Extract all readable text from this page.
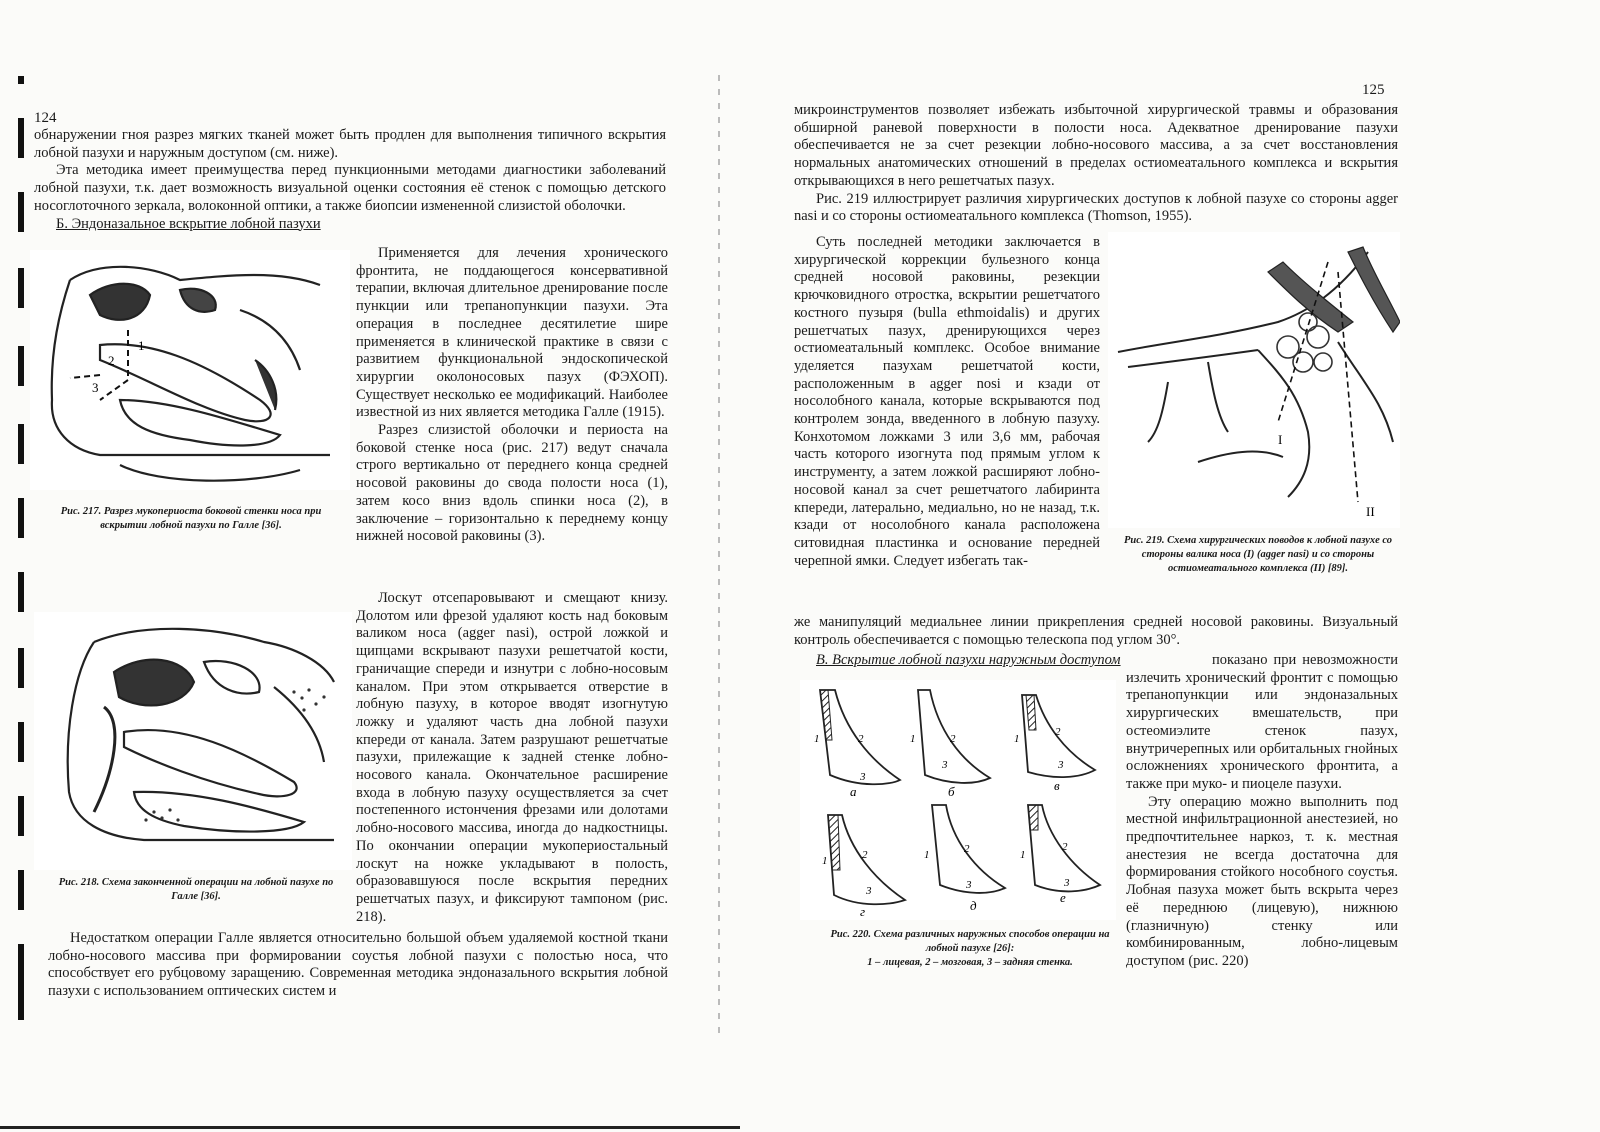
124

обнаружении гноя разрез мягких тканей может быть продлен для выполнения типичного вскрытия лобной пазухи и наружным доступом (см. ниже).

Эта методика имеет преимущества перед пункционными методами диагностики заболеваний лобной пазухи, т.к. дает возможность визуальной оценки состояния её стенок с помощью детского носоглоточного зеркала, волоконной оптики, а также биопсии измененной слизистой оболочки.

Б. Эндоназальное вскрытие лобной пазухи

1
2
3
Рис. 217. Разрез мукопериоста боковой стенки носа при вскрытии лобной пазухи по Галле [36].

Применяется для лечения хронического фронтита, не поддающегося консервативной терапии, включая длительное дренирование после пункции или трепанопункции пазухи. Эта операция в последнее десятилетие шире применяется в клинической практике в связи с развитием функциональной эндоскопической хирургии околоносовых пазух (ФЭХОП). Существует несколько ее модификаций. Наиболее известной из них является методика Галле (1915).

Разрез слизистой оболочки и периоста на боковой стенке носа (рис. 217) ведут сначала строго вертикально от переднего конца средней носовой раковины до свода полости носа (1), затем косо вниз вдоль спинки носа (2), в заключение – горизонтально к переднему концу нижней носовой раковины (3).

Рис. 218. Схема законченной операции на лобной пазухе по Галле [36].

Лоскут отсепаровывают и смещают книзу. Долотом или фрезой удаляют кость над боковым валиком носа (agger nasi), острой ложкой и щипцами вскрывают пазухи решетчатой кости, граничащие спереди и изнутри с лобно-носовым каналом. При этом открывается отверстие в лобную пазуху, в которое вводят изогнутую ложку и удаляют часть дна лобной пазухи кпереди от канала. Затем разрушают решетчатые пазухи, прилежащие к задней стенке лобно-носового канала. Окончательное расширение входа в лобную пазуху осуществляется за счет постепенного истончения фрезами или долотами лобно-носового массива, иногда до надкостницы. По окончании операции мукопериостальный лоскут на ножке укладывают в полость, образовавшуюся после вскрытия передних решетчатых пазух, и фиксируют тампоном (рис. 218).

Недостатком операции Галле является относительно большой объем удаляемой костной ткани лобно-носового массива при формировании соустья лобной пазухи с полостью носа, что способствует его рубцовому заращению. Современная методика эндоназального вскрытия лобной пазухи с использованием оптических систем и

125

микроинструментов позволяет избежать избыточной хирургической травмы и образования обширной раневой поверхности в полости носа. Адекватное дренирование пазухи обеспечивается не за счет резекции лобно-носового массива, а за счет восстановления нормальных анатомических отношений в пределах остиомеатального комплекса и вскрытия открывающихся в него решетчатых пазух.

Рис. 219 иллюстрирует различия хирургических доступов к лобной пазухе со стороны agger nasi и со стороны остиомеатального комплекса (Thomson, 1955).

Суть последней методики заключается в хирургической коррекции бульезного конца средней носовой раковины, резекции крючковидного отростка, вскрытии решетчатого костного пузыря (bulla ethmoidalis) и других решетчатых пазух, дренирующихся через остиомеатальный комплекс. Особое внимание уделяется пазухам решетчатой кости, расположенным в agger nosi и кзади от носолобного канала, которые вскрываются под контролем зонда, введенного в лобную пазуху. Конхотомом ложками 3 или 3,6 мм, рабочая часть которого изогнута под прямым углом к инструменту, а затем ложкой расширяют лобно-носовой канал за счет решетчатого лабиринта кпереди, латерально, медиально, но не назад, т.к. кзади от носолобного канала расположена ситовидная пластинка и основание передней черепной ямки. Следует избегать так-

I
II
Рис. 219. Схема хирургических поводов к лобной пазухе со стороны валика носа (I) (agger nasi) и со стороны остиомеатального комплекса (II) [89].

же манипуляций медиальнее линии прикрепления средней носовой раковины. Визуальный контроль обеспечивается с помощью телескопа под углом 30°.

В. Вскрытие лобной пазухи наружным доступом	показано при невозможности излечить хронический фронтит с помощью трепанопункции или эндоназальных хирургических вмешательств, при остеомиэлите стенок пазух, внутричерепных или орбитальных гнойных осложнениях хронического фронтита, а также при муко- и пиоцеле пазухи.

Эту операцию можно выполнить под местной инфильтрационной анестезией, но предпочтительнее наркоз, т. к. местная анестезия не всегда достаточна для формирования стойкого нособного соустья. Лобная пазуха может быть вскрыта через её переднюю (лицевую), нижнюю (глазничную) стенку или комбинированным, лобно-лицевым доступом (рис. 220)

1	2
3
1	2
3
1
2
3
1	2
3
1	2
3
1
2
3
а	б	в
г	д
е
Рис. 220. Схема различных наружных способов операции на лобной пазухе [26]:
1 – лицевая, 2 – мозговая, 3 – задняя стенка.
